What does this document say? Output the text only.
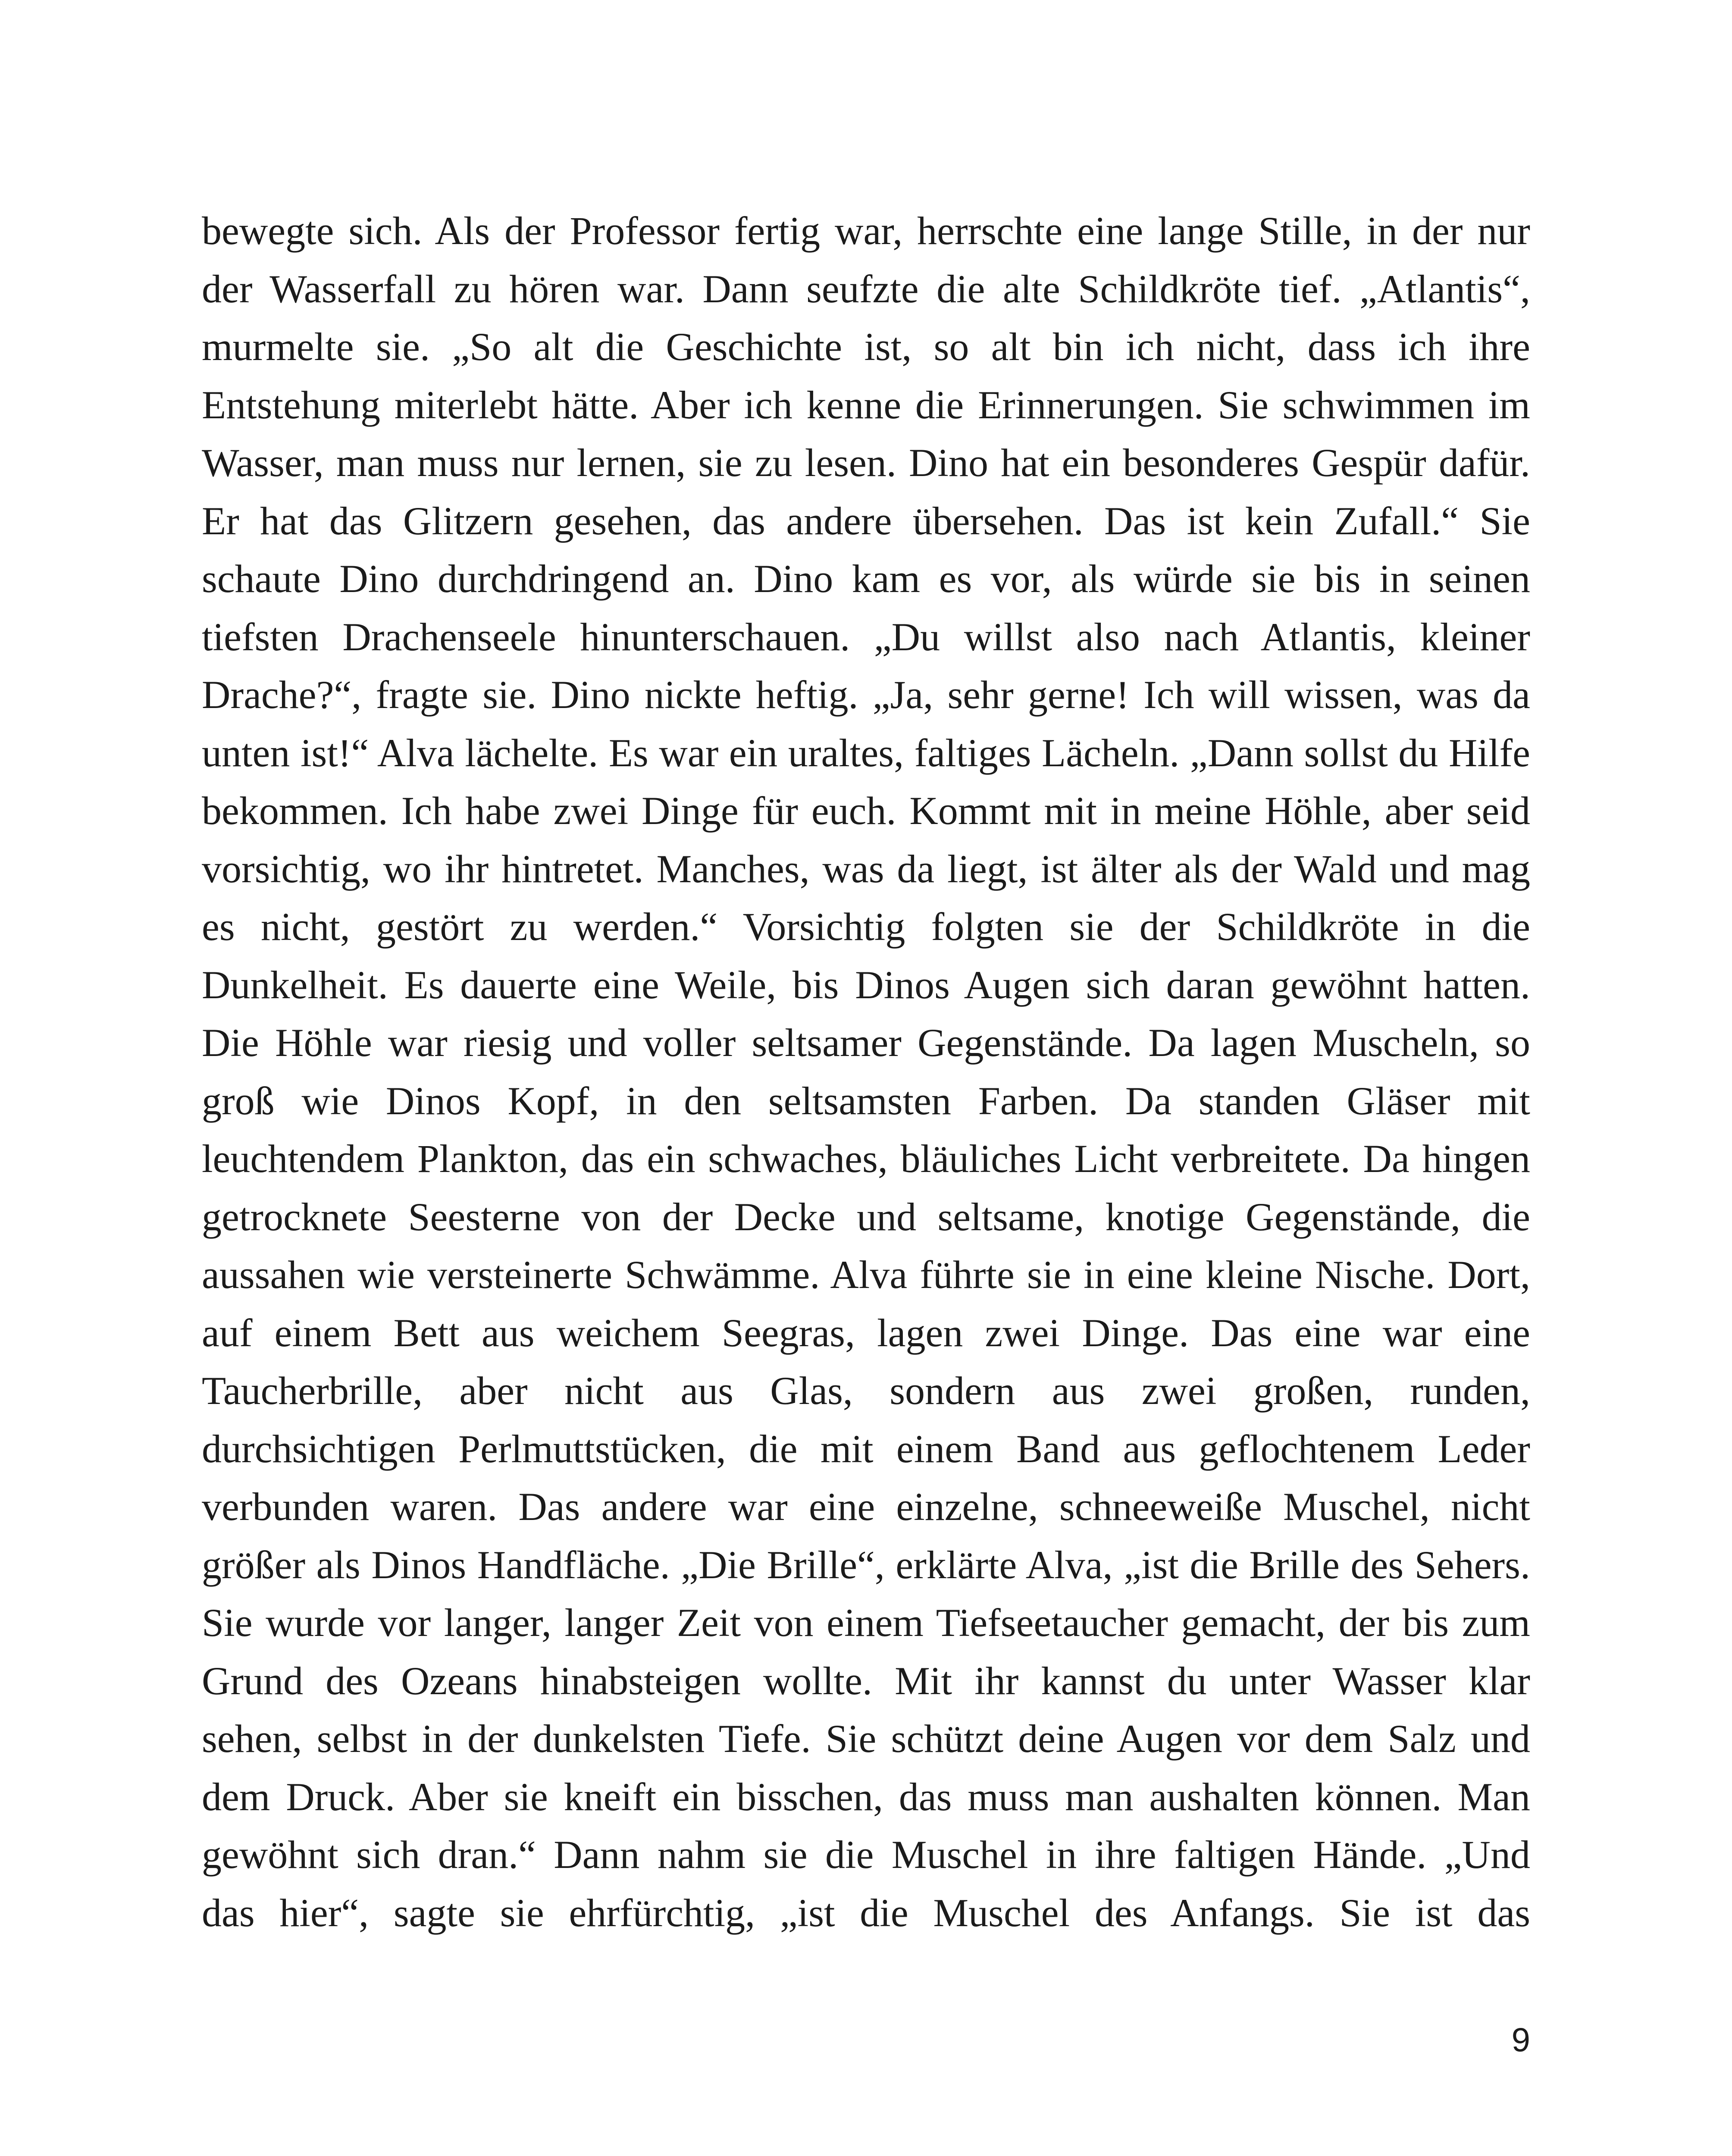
bewegte sich. Als der Professor fertig war, herrschte eine lange Stille, in der nur
der Wasserfall zu hören war. Dann seufzte die alte Schildkröte tief. „Atlantis“,
murmelte sie. „So alt die Geschichte ist, so alt bin ich nicht, dass ich ihre
Entstehung miterlebt hätte. Aber ich kenne die Erinnerungen. Sie schwimmen im
Wasser, man muss nur lernen, sie zu lesen. Dino hat ein besonderes Gespür dafür.
Er hat das Glitzern gesehen, das andere übersehen. Das ist kein Zufall.“ Sie
schaute Dino durchdringend an. Dino kam es vor, als würde sie bis in seinen
tiefsten Drachenseele hinunterschauen. „Du willst also nach Atlantis, kleiner
Drache?“, fragte sie. Dino nickte heftig. „Ja, sehr gerne! Ich will wissen, was da
unten ist!“ Alva lächelte. Es war ein uraltes, faltiges Lächeln. „Dann sollst du Hilfe
bekommen. Ich habe zwei Dinge für euch. Kommt mit in meine Höhle, aber seid
vorsichtig, wo ihr hintretet. Manches, was da liegt, ist älter als der Wald und mag
es nicht, gestört zu werden.“ Vorsichtig folgten sie der Schildkröte in die
Dunkelheit. Es dauerte eine Weile, bis Dinos Augen sich daran gewöhnt hatten.
Die Höhle war riesig und voller seltsamer Gegenstände. Da lagen Muscheln, so
groß wie Dinos Kopf, in den seltsamsten Farben. Da standen Gläser mit
leuchtendem Plankton, das ein schwaches, bläuliches Licht verbreitete. Da hingen
getrocknete Seesterne von der Decke und seltsame, knotige Gegenstände, die
aussahen wie versteinerte Schwämme. Alva führte sie in eine kleine Nische. Dort,
auf einem Bett aus weichem Seegras, lagen zwei Dinge. Das eine war eine
Taucherbrille, aber nicht aus Glas, sondern aus zwei großen, runden,
durchsichtigen Perlmuttstücken, die mit einem Band aus geflochtenem Leder
verbunden waren. Das andere war eine einzelne, schneeweiße Muschel, nicht
größer als Dinos Handfläche. „Die Brille“, erklärte Alva, „ist die Brille des Sehers.
Sie wurde vor langer, langer Zeit von einem Tiefseetaucher gemacht, der bis zum
Grund des Ozeans hinabsteigen wollte. Mit ihr kannst du unter Wasser klar
sehen, selbst in der dunkelsten Tiefe. Sie schützt deine Augen vor dem Salz und
dem Druck. Aber sie kneift ein bisschen, das muss man aushalten können. Man
gewöhnt sich dran.“ Dann nahm sie die Muschel in ihre faltigen Hände. „Und
das hier“, sagte sie ehrfürchtig, „ist die Muschel des Anfangs. Sie ist das
9
